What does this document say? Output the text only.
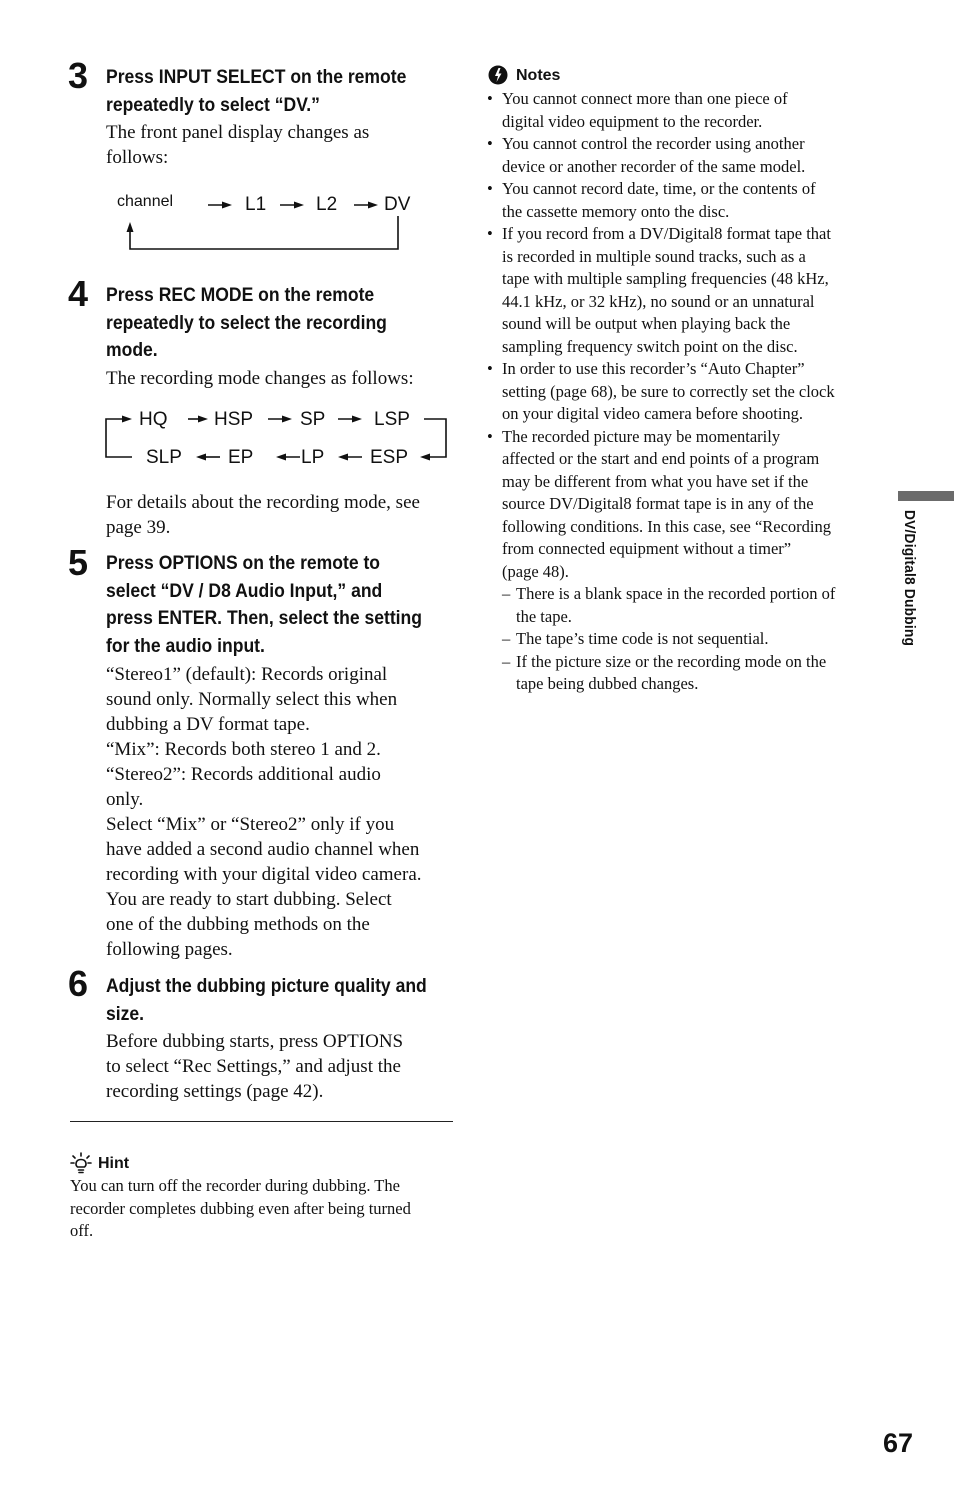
3 Press INPUT SELECT on the remote
repeatedly to select “DV.”
The front panel display changes as
follows:
channel	L1	L2 DV
4 Press REC MODE on the remote
repeatedly to select the recording
mode.
The recording mode changes as follows:
HQ HSP SP	LSP
SLP EP	LP ESP
For details about the recording mode, see
page 39.
5 Press OPTIONS on the remote to
select “DV / D8 Audio Input,” and
press ENTER. Then, select the setting
for the audio input.
“Stereo1” (default): Records original
sound only. Normally select this when
dubbing a DV format tape.
“Mix”: Records both stereo 1 and 2.
“Stereo2”: Records additional audio
only.
Select “Mix” or “Stereo2” only if you
have added a second audio channel when
recording with your digital video camera.
You are ready to start dubbing. Select
one of the dubbing methods on the
following pages.
6 Adjust the dubbing picture quality and
size.
Before dubbing starts, press OPTIONS
to select “Rec Settings,” and adjust the
recording settings (page 42).
Hint
You can turn off the recorder during dubbing. The
recorder completes dubbing even after being turned
off.
Notes
• You cannot connect more than one piece of
digital video equipment to the recorder.
• You cannot control the recorder using another
device or another recorder of the same model.
• You cannot record date, time, or the contents of
the cassette memory onto the disc.
• If you record from a DV/Digital8 format tape that
is recorded in multiple sound tracks, such as a
tape with multiple sampling frequencies (48 kHz,
44.1 kHz, or 32 kHz), no sound or an unnatural
sound will be output when playing back the
sampling frequency switch point on the disc.
• In order to use this recorder’s “Auto Chapter”
setting (page 68), be sure to correctly set the clock
on your digital video camera before shooting.
• The recorded picture may be momentarily
affected or the start and end points of a program
may be different from what you have set if the
source DV/Digital8 format tape is in any of the
following conditions. In this case, see “Recording
from connected equipment without a timer”
(page 48).
– There is a blank space in the recorded portion of
the tape.
– The tape’s time code is not sequential.
– If the picture size or the recording mode on the
tape being dubbed changes.
DV/Digital8 Dubbing
67
